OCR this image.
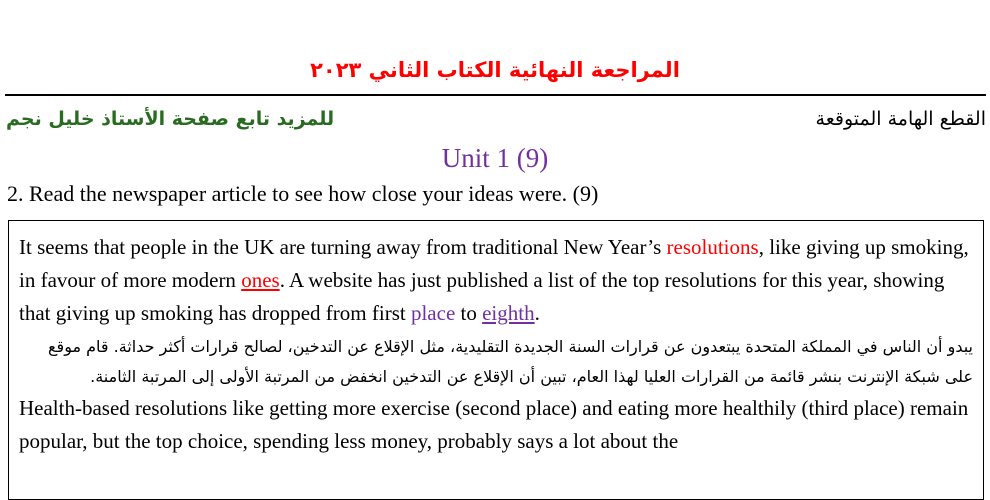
المراجعة النهائية الكتاب الثاني ٢٠٢٣
القطع الهامة المتوقعة
للمزيد تابع صفحة الأستاذ خليل نجم
Unit 1 (9)
2. Read the newspaper article to see how close your ideas were. (9)

It seems that people in the UK are turning away from traditional New Year’s resolutions, like giving up smoking, in favour of more modern ones. A website has just published a list of the top resolutions for this year, showing that giving up smoking has dropped from first place to eighth.

يبدو أن الناس في المملكة المتحدة يبتعدون عن قرارات السنة الجديدة التقليدية، مثل الإقلاع عن التدخين، لصالح قرارات أكثر حداثة. قام موقع على شبكة الإنترنت بنشر قائمة من القرارات العليا لهذا العام، تبين أن الإقلاع عن التدخين انخفض من المرتبة الأولى إلى المرتبة الثامنة.

Health-based resolutions like getting more exercise (second place) and eating more healthily (third place) remain popular, but the top choice, spending less money, probably says a lot about the
